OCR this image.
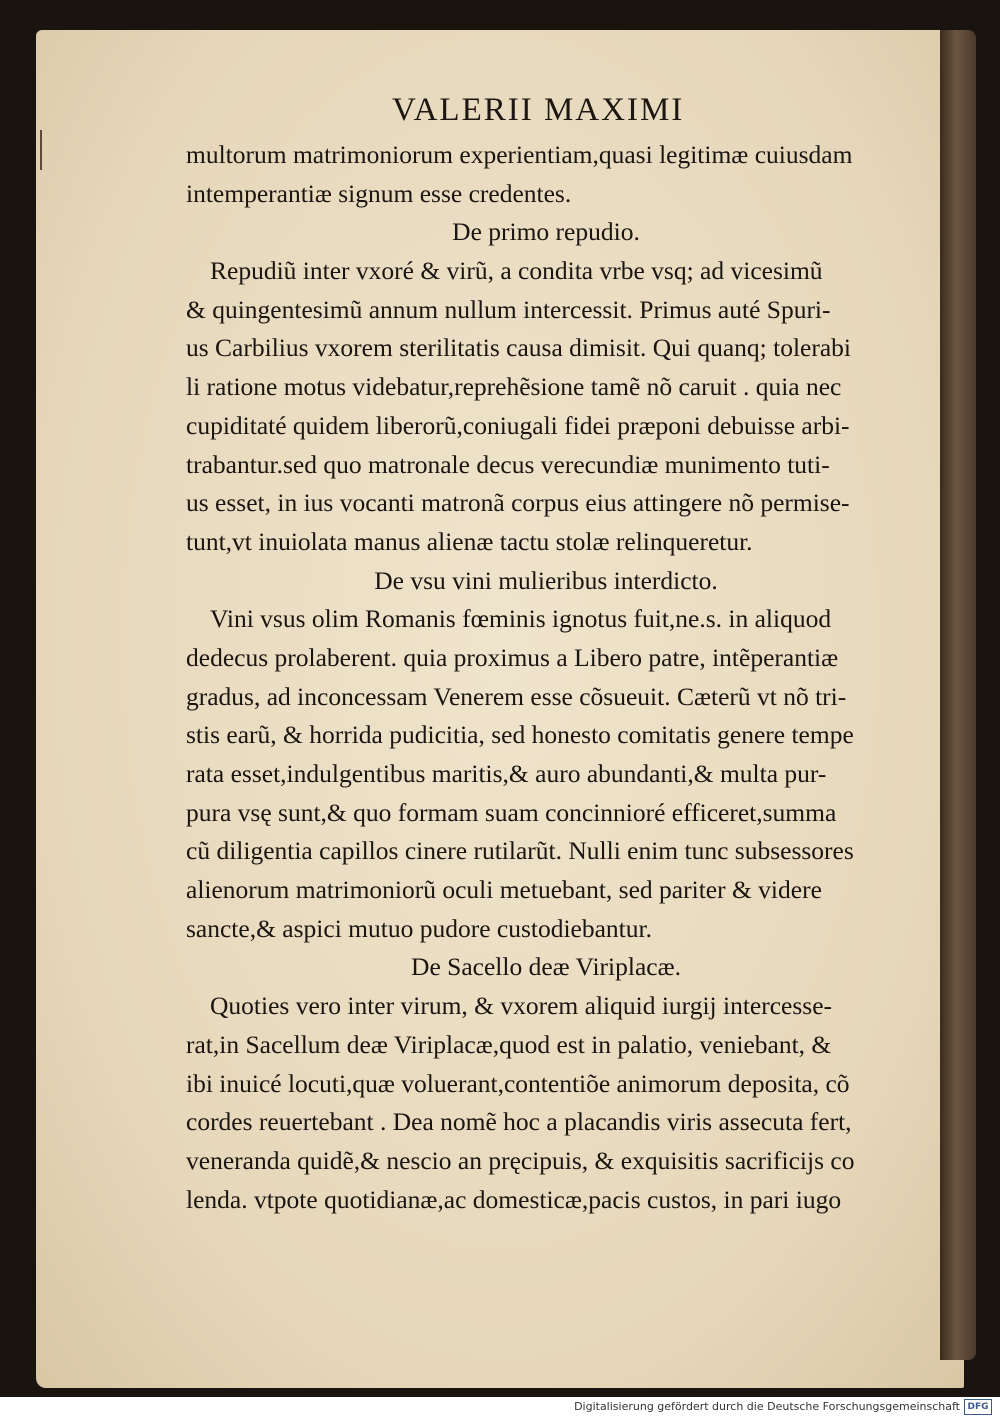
VALERII MAXIMI
multorum matrimoniorum experientiam,quasi legitimæ cuiusdam
intemperantiæ signum esse credentes.
De primo repudio.
Repudiũ inter vxoré & virũ, a condita vrbe vsq; ad vicesimũ
& quingentesimũ annum nullum intercessit. Primus auté Spuri-
us Carbilius vxorem sterilitatis causa dimisit. Qui quanq; tolerabi
li ratione motus videbatur,reprehẽsione tamẽ nõ caruit . quia nec
cupiditaté quidem liberorũ,coniugali fidei præponi debuisse arbi-
trabantur.sed quo matronale decus verecundiæ munimento tuti-
us esset, in ius vocanti matronã corpus eius attingere nõ permise-
tunt,vt inuiolata manus alienæ tactu stolæ relinqueretur.
De vsu vini mulieribus interdicto.
Vini vsus olim Romanis fœminis ignotus fuit,ne.s. in aliquod
dedecus prolaberent. quia proximus a Libero patre, intẽperantiæ
gradus, ad inconcessam Venerem esse cõsueuit. Cæterũ vt nõ tri-
stis earũ, & horrida pudicitia, sed honesto comitatis genere tempe
rata esset,indulgentibus maritis,& auro abundanti,& multa pur-
pura vsę sunt,& quo formam suam concinnioré efficeret,summa
cũ diligentia capillos cinere rutilarũt. Nulli enim tunc subsessores
alienorum matrimoniorũ oculi metuebant, sed pariter & videre
sancte,& aspici mutuo pudore custodiebantur.
De Sacello deæ Viriplacæ.
Quoties vero inter virum, & vxorem aliquid iurgij intercesse-
rat,in Sacellum deæ Viriplacæ,quod est in palatio, veniebant, &
ibi inuicé locuti,quæ voluerant,contentiõe animorum deposita, cõ
cordes reuertebant . Dea nomẽ hoc a placandis viris assecuta fert,
veneranda quidẽ,& nescio an pręcipuis, & exquisitis sacrificijs co
lenda. vtpote quotidianæ,ac domesticæ,pacis custos, in pari iugo
Digitalisierung gefördert durch die Deutsche Forschungsgemeinschaft DFG
